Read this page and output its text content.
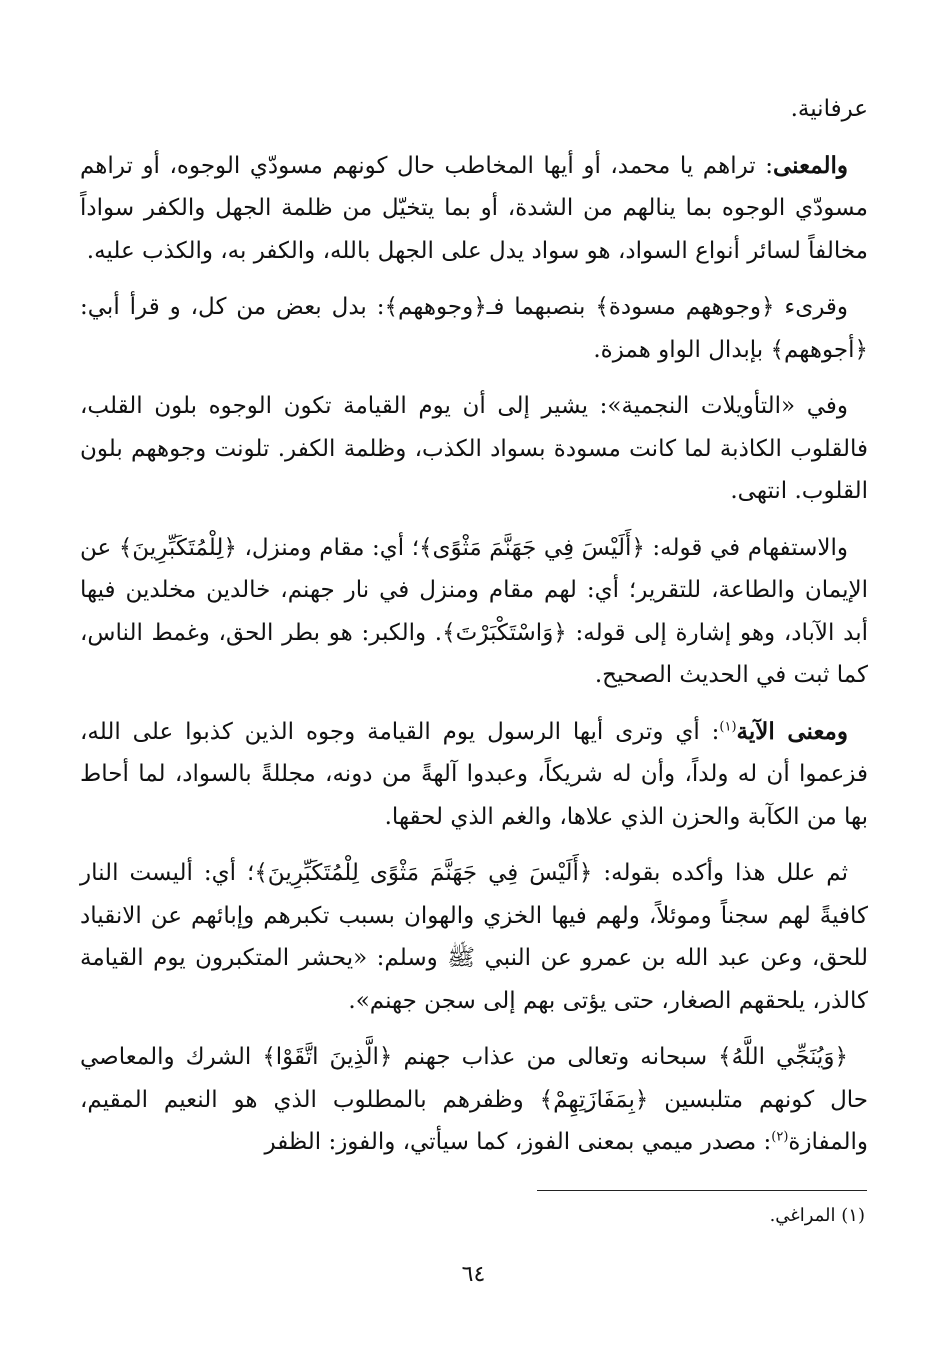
عرفانية.

والمعنى: تراهم يا محمد، أو أيها المخاطب حال كونهم مسودّي الوجوه، أو تراهم مسودّي الوجوه بما ينالهم من الشدة، أو بما يتخيّل من ظلمة الجهل والكفر سواداً مخالفاً لسائر أنواع السواد، هو سواد يدل على الجهل بالله، والكفر به، والكذب عليه.

وقرىء ﴿وجوههم مسودة﴾ بنصبهما فـ﴿وجوههم﴾: بدل بعض من كل، و قرأ أبي: ﴿أجوههم﴾ بإبدال الواو همزة.

وفي «التأويلات النجمية»: يشير إلى أن يوم القيامة تكون الوجوه بلون القلب، فالقلوب الكاذبة لما كانت مسودة بسواد الكذب، وظلمة الكفر. تلونت وجوههم بلون القلوب. انتهى.

والاستفهام في قوله: ﴿أَلَيْسَ فِي جَهَنَّمَ مَثْوًى﴾؛ أي: مقام ومنزل، ﴿لِلْمُتَكَبِّرِينَ﴾ عن الإيمان والطاعة، للتقرير؛ أي: لهم مقام ومنزل في نار جهنم، خالدين مخلدين فيها أبد الآباد، وهو إشارة إلى قوله: ﴿وَاسْتَكْبَرْتَ﴾. والكبر: هو بطر الحق، وغمط الناس، كما ثبت في الحديث الصحيح.

ومعنى الآية$^{(١)}$: أي وترى أيها الرسول يوم القيامة وجوه الذين كذبوا على الله، فزعموا أن له ولداً، وأن له شريكاً، وعبدوا آلهةً من دونه، مجللةً بالسواد، لما أحاط بها من الكآبة والحزن الذي علاها، والغم الذي لحقها.

ثم علل هذا وأكده بقوله: ﴿أَلَيْسَ فِي جَهَنَّمَ مَثْوًى لِلْمُتَكَبِّرِينَ﴾؛ أي: أليست النار كافيةً لهم سجناً وموئلاً، ولهم فيها الخزي والهوان بسبب تكبرهم وإبائهم عن الانقياد للحق، وعن عبد الله بن عمرو عن النبي ﷺ وسلم: «يحشر المتكبرون يوم القيامة كالذر، يلحقهم الصغار، حتى يؤتى بهم إلى سجن جهنم».

﴿وَيُنَجِّي اللَّهُ﴾ سبحانه وتعالى من عذاب جهنم ﴿الَّذِينَ اتَّقَوْا﴾ الشرك والمعاصي حال كونهم متلبسين ﴿بِمَفَازَتِهِمْ﴾ وظفرهم بالمطلوب الذي هو النعيم المقيم، والمفازة$^{(٢)}$: مصدر ميمي بمعنى الفوز، كما سيأتي، والفوز: الظفر

(١) المراغي.
٦٤
